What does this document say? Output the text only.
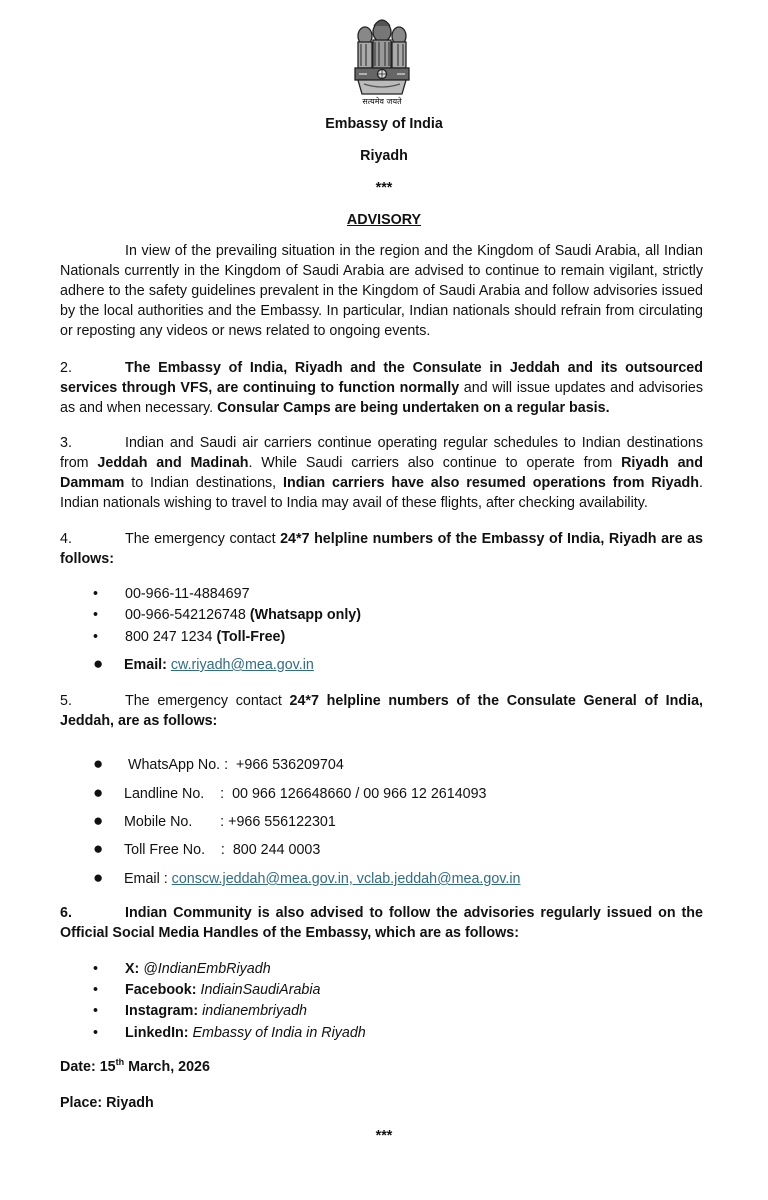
सत्यमेव जयते
Embassy of India
Riyadh
***
ADVISORY
In view of the prevailing situation in the region and the Kingdom of Saudi Arabia, all Indian Nationals currently in the Kingdom of Saudi Arabia are advised to continue to remain vigilant, strictly adhere to the safety guidelines prevalent in the Kingdom of Saudi Arabia and follow advisories issued by the local authorities and the Embassy. In particular, Indian nationals should refrain from circulating or reposting any videos or news related to ongoing events.
2.	The Embassy of India, Riyadh and the Consulate in Jeddah and its outsourced services through VFS, are continuing to function normally and will issue updates and advisories as and when necessary. Consular Camps are being undertaken on a regular basis.
3.	Indian and Saudi air carriers continue operating regular schedules to Indian destinations from Jeddah and Madinah. While Saudi carriers also continue to operate from Riyadh and Dammam to Indian destinations, Indian carriers have also resumed operations from Riyadh. Indian nationals wishing to travel to India may avail of these flights, after checking availability.
4.	The emergency contact 24*7 helpline numbers of the Embassy of India, Riyadh are as follows:
• 00-966-11-4884697
• 00-966-542126748 (Whatsapp only)
• 800 247 1234 (Toll-Free)
● Email: cw.riyadh@mea.gov.in
5.	The emergency contact 24*7 helpline numbers of the Consulate General of India, Jeddah, are as follows:
● WhatsApp No. :  +966 536209704
● Landline No.    :  00 966 126648660 / 00 966 12 2614093
● Mobile No.       : +966 556122301
● Toll Free No.    :  800 244 0003
● Email : conscw.jeddah@mea.gov.in, vclab.jeddah@mea.gov.in
6.	Indian Community is also advised to follow the advisories regularly issued on the Official Social Media Handles of the Embassy, which are as follows:
• X: @IndianEmbRiyadh
• Facebook: IndiainSaudiArabia
• Instagram: indianembriyadh
• LinkedIn: Embassy of India in Riyadh
Date: 15th March, 2026
Place: Riyadh
***
